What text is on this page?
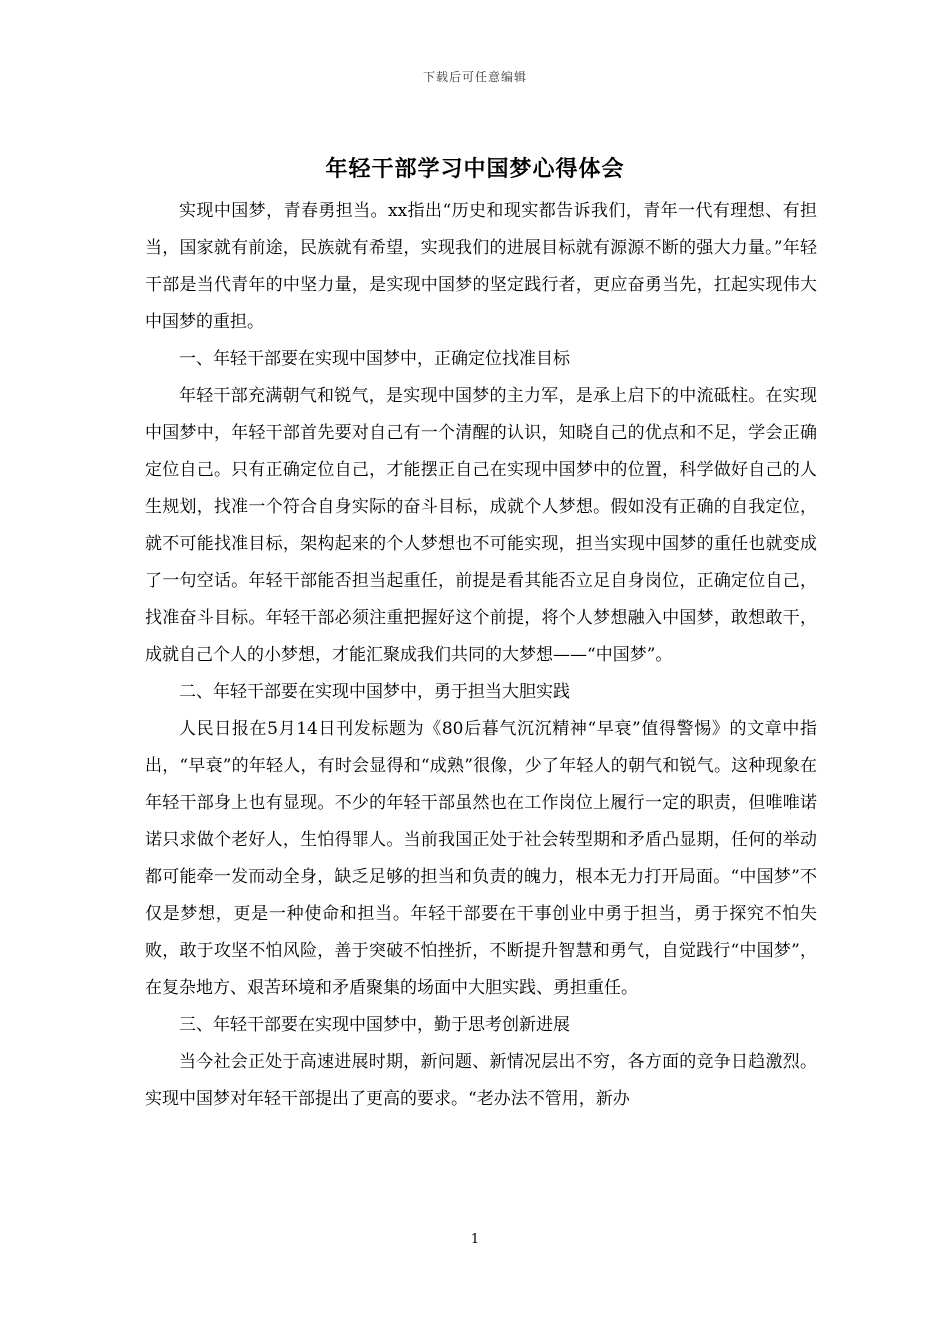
下载后可任意编辑
年轻干部学习中国梦心得体会

实现中国梦，青春勇担当。xx指出“历史和现实都告诉我们，青年一代有理想、有担当，国家就有前途，民族就有希望，实现我们的进展目标就有源源不断的强大力量。”年轻干部是当代青年的中坚力量，是实现中国梦的坚定践行者，更应奋勇当先，扛起实现伟大中国梦的重担。

一、年轻干部要在实现中国梦中，正确定位找准目标

年轻干部充满朝气和锐气，是实现中国梦的主力军，是承上启下的中流砥柱。在实现中国梦中，年轻干部首先要对自己有一个清醒的认识，知晓自己的优点和不足，学会正确定位自己。只有正确定位自己，才能摆正自己在实现中国梦中的位置，科学做好自己的人生规划，找准一个符合自身实际的奋斗目标，成就个人梦想。假如没有正确的自我定位，就不可能找准目标，架构起来的个人梦想也不可能实现，担当实现中国梦的重任也就变成了一句空话。年轻干部能否担当起重任，前提是看其能否立足自身岗位，正确定位自己，找准奋斗目标。年轻干部必须注重把握好这个前提，将个人梦想融入中国梦，敢想敢干，成就自己个人的小梦想，才能汇聚成我们共同的大梦想——“中国梦”。

二、年轻干部要在实现中国梦中，勇于担当大胆实践

人民日报在5月14日刊发标题为《80后暮气沉沉精神“早衰”值得警惕》的文章中指出，“早衰”的年轻人，有时会显得和“成熟”很像，少了年轻人的朝气和锐气。这种现象在年轻干部身上也有显现。不少的年轻干部虽然也在工作岗位上履行一定的职责，但唯唯诺诺只求做个老好人，生怕得罪人。当前我国正处于社会转型期和矛盾凸显期，任何的举动都可能牵一发而动全身，缺乏足够的担当和负责的魄力，根本无力打开局面。“中国梦”不仅是梦想，更是一种使命和担当。年轻干部要在干事创业中勇于担当，勇于探究不怕失败，敢于攻坚不怕风险，善于突破不怕挫折，不断提升智慧和勇气，自觉践行“中国梦”，在复杂地方、艰苦环境和矛盾聚集的场面中大胆实践、勇担重任。

三、年轻干部要在实现中国梦中，勤于思考创新进展

当今社会正处于高速进展时期，新问题、新情况层出不穷，各方面的竞争日趋激烈。实现中国梦对年轻干部提出了更高的要求。“老办法不管用，新办

1
